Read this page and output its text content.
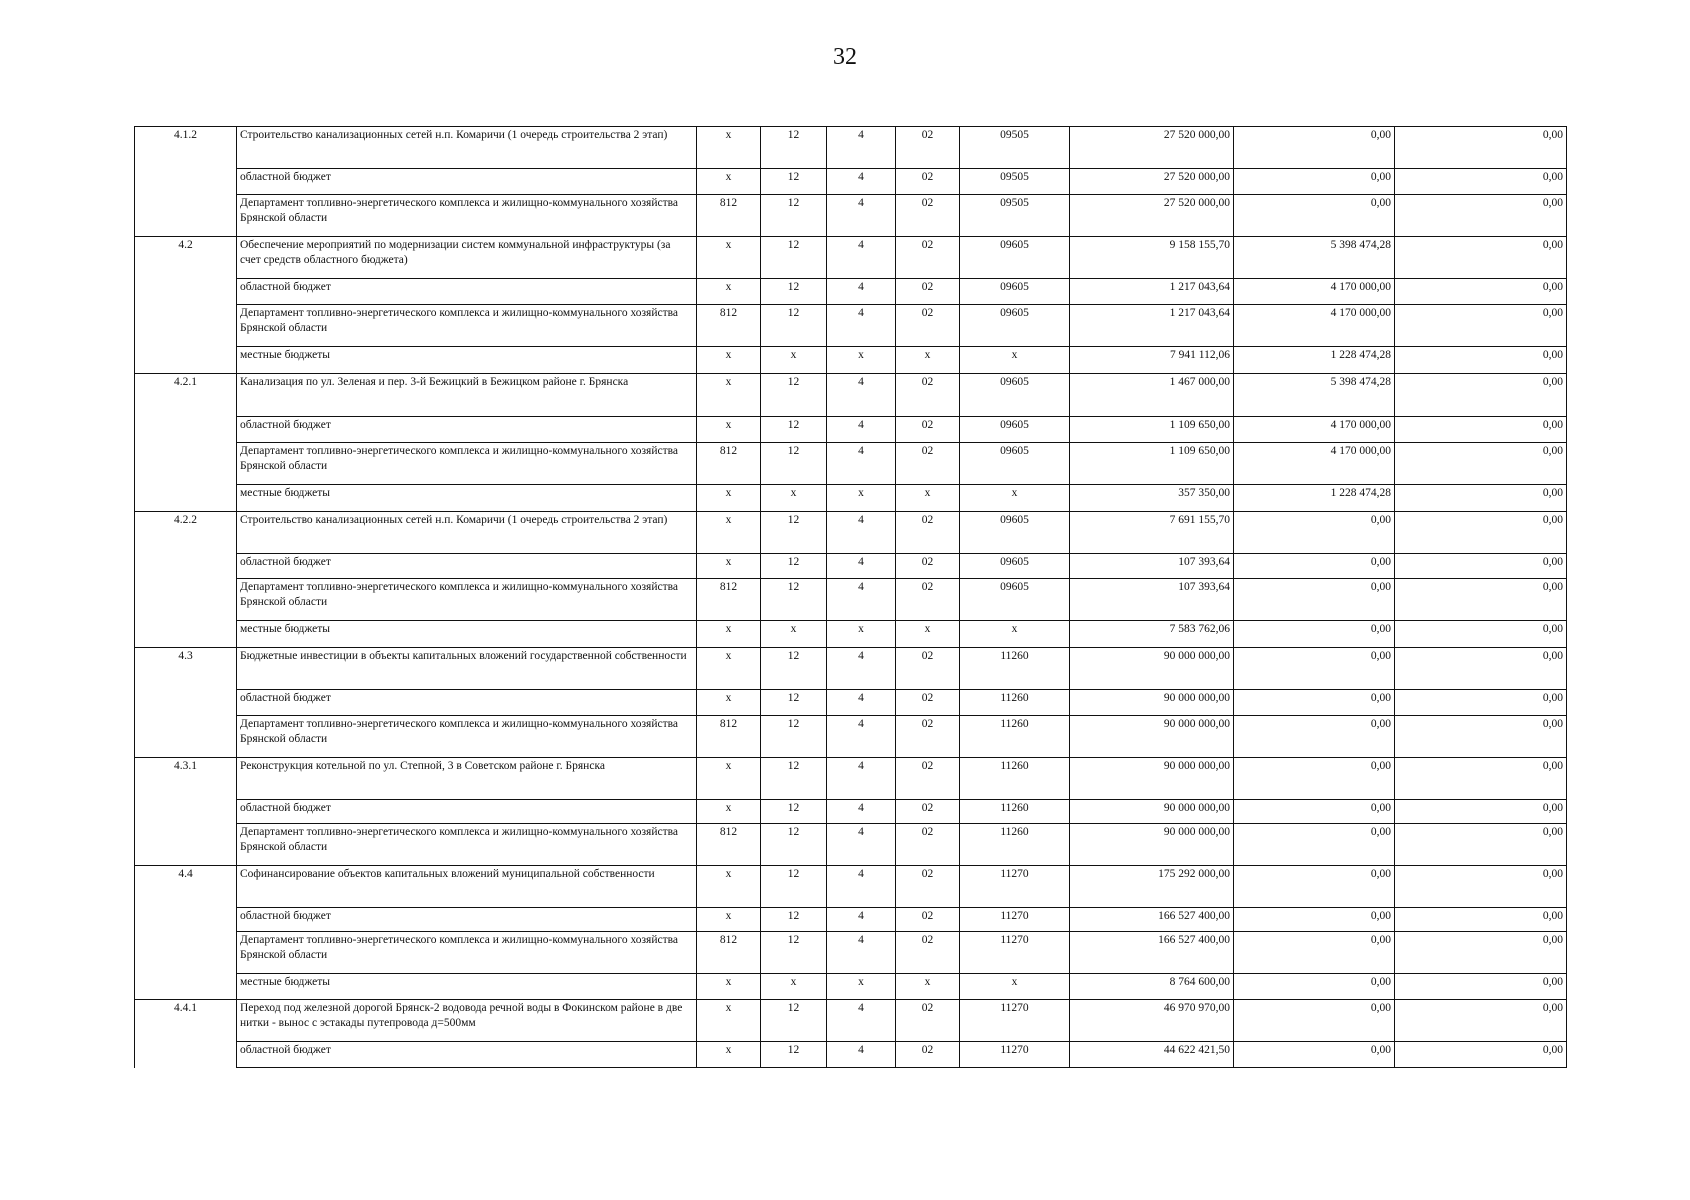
32
4.1.2	Строительство канализационных сетей н.п. Комаричи (1 очередь строительства 2 этап)	x	12	4	02	09505	27 520 000,00	0,00	0,00
	областной бюджет	x	12	4	02	09505	27 520 000,00	0,00	0,00
	Департамент топливно-энергетического комплекса и жилищно-коммунального хозяйства Брянской области	812	12	4	02	09505	27 520 000,00	0,00	0,00
4.2	Обеспечение мероприятий по модернизации систем коммунальной инфраструктуры (за счет средств областного бюджета)	x	12	4	02	09605	9 158 155,70	5 398 474,28	0,00
	областной бюджет	x	12	4	02	09605	1 217 043,64	4 170 000,00	0,00
	Департамент топливно-энергетического комплекса и жилищно-коммунального хозяйства Брянской области	812	12	4	02	09605	1 217 043,64	4 170 000,00	0,00
	местные бюджеты	x	x	x	x	x	7 941 112,06	1 228 474,28	0,00
4.2.1	Канализация по ул. Зеленая и пер. 3-й Бежицкий в Бежицком районе г. Брянска	x	12	4	02	09605	1 467 000,00	5 398 474,28	0,00
	областной бюджет	x	12	4	02	09605	1 109 650,00	4 170 000,00	0,00
	Департамент топливно-энергетического комплекса и жилищно-коммунального хозяйства Брянской области	812	12	4	02	09605	1 109 650,00	4 170 000,00	0,00
	местные бюджеты	x	x	x	x	x	357 350,00	1 228 474,28	0,00
4.2.2	Строительство канализационных сетей н.п. Комаричи (1 очередь строительства 2 этап)	x	12	4	02	09605	7 691 155,70	0,00	0,00
	областной бюджет	x	12	4	02	09605	107 393,64	0,00	0,00
	Департамент топливно-энергетического комплекса и жилищно-коммунального хозяйства Брянской области	812	12	4	02	09605	107 393,64	0,00	0,00
	местные бюджеты	x	x	x	x	x	7 583 762,06	0,00	0,00
4.3	Бюджетные инвестиции в объекты капитальных вложений государственной собственности	x	12	4	02	11260	90 000 000,00	0,00	0,00
	областной бюджет	x	12	4	02	11260	90 000 000,00	0,00	0,00
	Департамент топливно-энергетического комплекса и жилищно-коммунального хозяйства Брянской области	812	12	4	02	11260	90 000 000,00	0,00	0,00
4.3.1	Реконструкция котельной по ул. Степной, 3 в Советском районе г. Брянска	x	12	4	02	11260	90 000 000,00	0,00	0,00
	областной бюджет	x	12	4	02	11260	90 000 000,00	0,00	0,00
	Департамент топливно-энергетического комплекса и жилищно-коммунального хозяйства Брянской области	812	12	4	02	11260	90 000 000,00	0,00	0,00
4.4	Софинансирование объектов капитальных вложений муниципальной собственности	x	12	4	02	11270	175 292 000,00	0,00	0,00
	областной бюджет	x	12	4	02	11270	166 527 400,00	0,00	0,00
	Департамент топливно-энергетического комплекса и жилищно-коммунального хозяйства Брянской области	812	12	4	02	11270	166 527 400,00	0,00	0,00
	местные бюджеты	x	x	x	x	x	8 764 600,00	0,00	0,00
4.4.1	Переход под железной дорогой Брянск-2 водовода речной воды в Фокинском районе в две нитки - вынос с эстакады путепровода д=500мм	x	12	4	02	11270	46 970 970,00	0,00	0,00
	областной бюджет	x	12	4	02	11270	44 622 421,50	0,00	0,00
